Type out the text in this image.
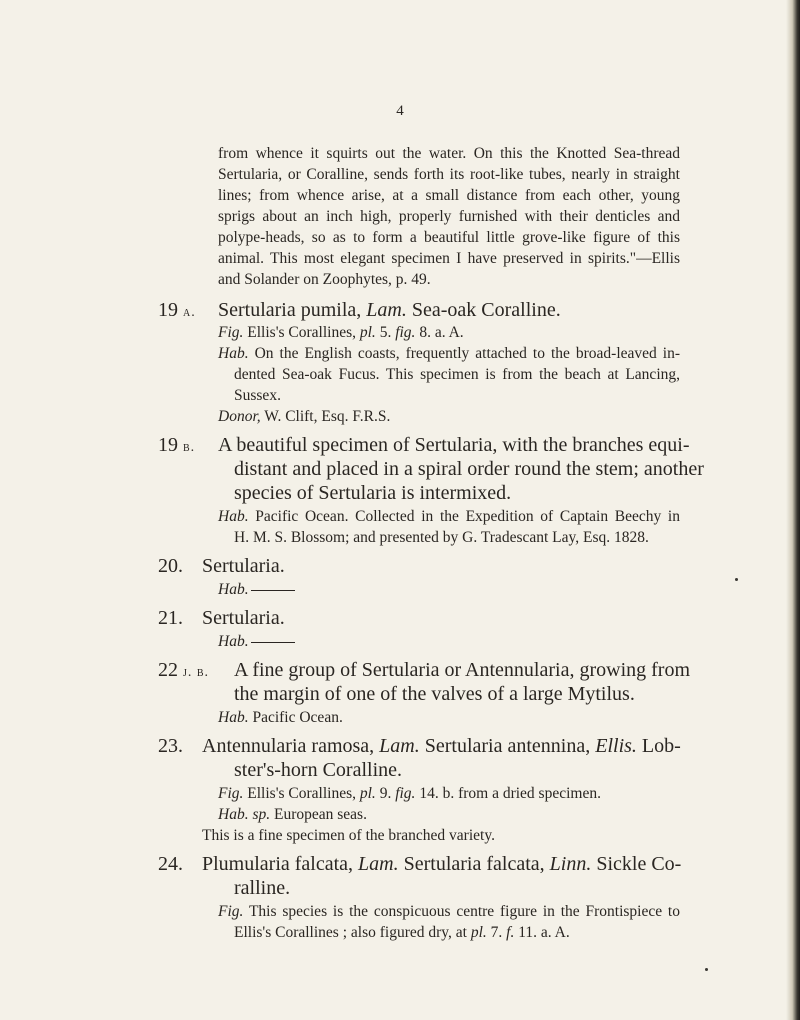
4
from whence it squirts out the water. On this the Knotted Sea-thread
Sertularia, or Coralline, sends forth its root-like tubes, nearly in straight
lines; from whence arise, at a small distance from each other, young
sprigs about an inch high, properly furnished with their denticles and
polype-heads, so as to form a beautiful little grove-like figure of this
animal. This most elegant specimen I have preserved in spirits."—Ellis
and Solander on Zoophytes, p. 49.
19 a. Sertularia pumila, Lam. Sea-oak Coralline.
Fig. Ellis's Corallines, pl. 5. fig. 8. a. A.
Hab. On the English coasts, frequently attached to the broad-leaved in-
dented Sea-oak Fucus. This specimen is from the beach at Lancing,
Sussex.
Donor, W. Clift, Esq. F.R.S.
19 b. A beautiful specimen of Sertularia, with the branches equi-
distant and placed in a spiral order round the stem; another
species of Sertularia is intermixed.
Hab. Pacific Ocean. Collected in the Expedition of Captain Beechy in
H. M. S. Blossom; and presented by G. Tradescant Lay, Esq. 1828.
20. Sertularia.
Hab.
21. Sertularia.
Hab.
22 j. b. A fine group of Sertularia or Antennularia, growing from
the margin of one of the valves of a large Mytilus.
Hab. Pacific Ocean.
23. Antennularia ramosa, Lam. Sertularia antennina, Ellis. Lob-
ster's-horn Coralline.
Fig. Ellis's Corallines, pl. 9. fig. 14. b. from a dried specimen.
Hab. sp. European seas.
This is a fine specimen of the branched variety.
24. Plumularia falcata, Lam. Sertularia falcata, Linn. Sickle Co-
ralline.
Fig. This species is the conspicuous centre figure in the Frontispiece to
Ellis's Corallines ; also figured dry, at pl. 7. f. 11. a. A.
